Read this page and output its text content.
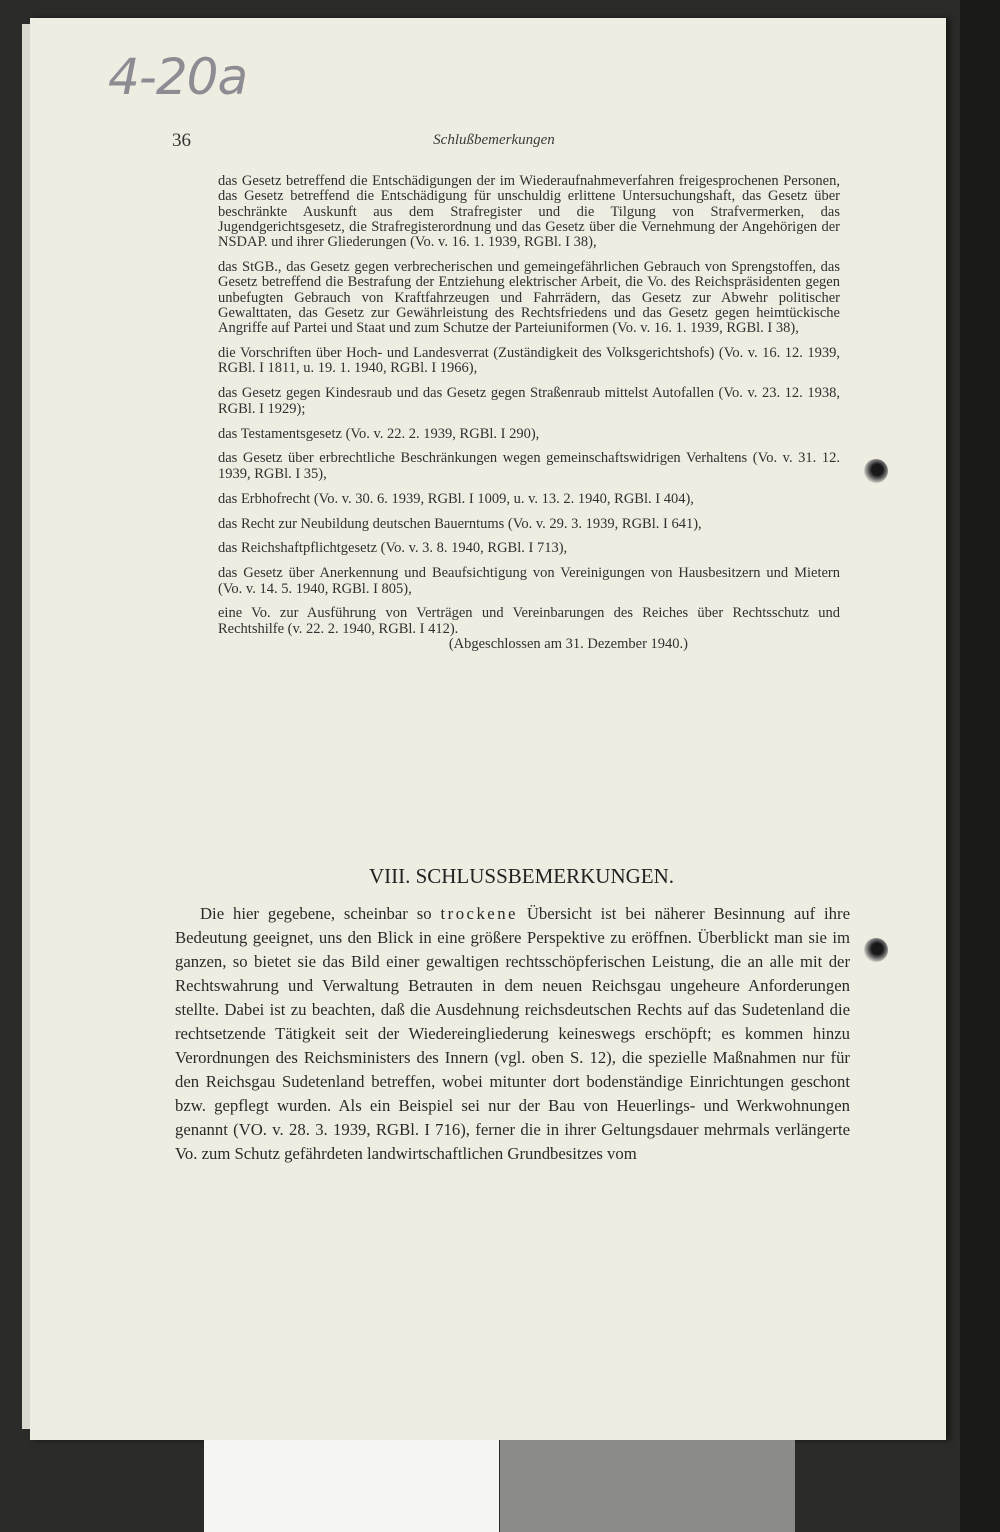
4-20a
36	Schlußbemerkungen

das Gesetz betreffend die Entschädigungen der im Wiederaufnahmeverfahren freigesprochenen Personen, das Gesetz betreffend die Entschädigung für unschuldig erlittene Untersuchungshaft, das Gesetz über beschränkte Auskunft aus dem Strafregister und die Tilgung von Strafvermerken, das Jugendgerichtsgesetz, die Strafregisterordnung und das Gesetz über die Vernehmung der Angehörigen der NSDAP. und ihrer Gliederungen (Vo. v. 16. 1. 1939, RGBl. I 38),

das StGB., das Gesetz gegen verbrecherischen und gemeingefährlichen Gebrauch von Sprengstoffen, das Gesetz betreffend die Bestrafung der Entziehung elektrischer Arbeit, die Vo. des Reichspräsidenten gegen unbefugten Gebrauch von Kraftfahrzeugen und Fahrrädern, das Gesetz zur Abwehr politischer Gewalttaten, das Gesetz zur Gewährleistung des Rechtsfriedens und das Gesetz gegen heimtückische Angriffe auf Partei und Staat und zum Schutze der Parteiuniformen (Vo. v. 16. 1. 1939, RGBl. I 38),

die Vorschriften über Hoch- und Landesverrat (Zuständigkeit des Volksgerichtshofs) (Vo. v. 16. 12. 1939, RGBl. I 1811, u. 19. 1. 1940, RGBl. I 1966),

das Gesetz gegen Kindesraub und das Gesetz gegen Straßenraub mittelst Autofallen (Vo. v. 23. 12. 1938, RGBl. I 1929);

das Testamentsgesetz (Vo. v. 22. 2. 1939, RGBl. I 290),

das Gesetz über erbrechtliche Beschränkungen wegen gemeinschaftswidrigen Verhaltens (Vo. v. 31. 12. 1939, RGBl. I 35),

das Erbhofrecht (Vo. v. 30. 6. 1939, RGBl. I 1009, u. v. 13. 2. 1940, RGBl. I 404),

das Recht zur Neubildung deutschen Bauerntums (Vo. v. 29. 3. 1939, RGBl. I 641),

das Reichshaftpflichtgesetz (Vo. v. 3. 8. 1940, RGBl. I 713),

das Gesetz über Anerkennung und Beaufsichtigung von Vereinigungen von Hausbesitzern und Mietern (Vo. v. 14. 5. 1940, RGBl. I 805),

eine Vo. zur Ausführung von Verträgen und Vereinbarungen des Reiches über Rechtsschutz und Rechtshilfe (v. 22. 2. 1940, RGBl. I 412).

(Abgeschlossen am 31. Dezember 1940.)
VIII. SCHLUSSBEMERKUNGEN.

Die hier gegebene, scheinbar so trockene Übersicht ist bei näherer Besinnung auf ihre Bedeutung geeignet, uns den Blick in eine größere Perspektive zu eröffnen. Überblickt man sie im ganzen, so bietet sie das Bild einer gewaltigen rechtsschöpferischen Leistung, die an alle mit der Rechtswahrung und Verwaltung Betrauten in dem neuen Reichsgau ungeheure Anforderungen stellte. Dabei ist zu beachten, daß die Ausdehnung reichsdeutschen Rechts auf das Sudetenland die rechtsetzende Tätigkeit seit der Wiedereingliederung keineswegs erschöpft; es kommen hinzu Verordnungen des Reichsministers des Innern (vgl. oben S. 12), die spezielle Maßnahmen nur für den Reichsgau Sudetenland betreffen, wobei mitunter dort bodenständige Einrichtungen geschont bzw. gepflegt wurden. Als ein Beispiel sei nur der Bau von Heuerlings- und Werkwohnungen genannt (VO. v. 28. 3. 1939, RGBl. I 716), ferner die in ihrer Geltungsdauer mehrmals verlängerte Vo. zum Schutz gefährdeten landwirtschaftlichen Grundbesitzes vom
